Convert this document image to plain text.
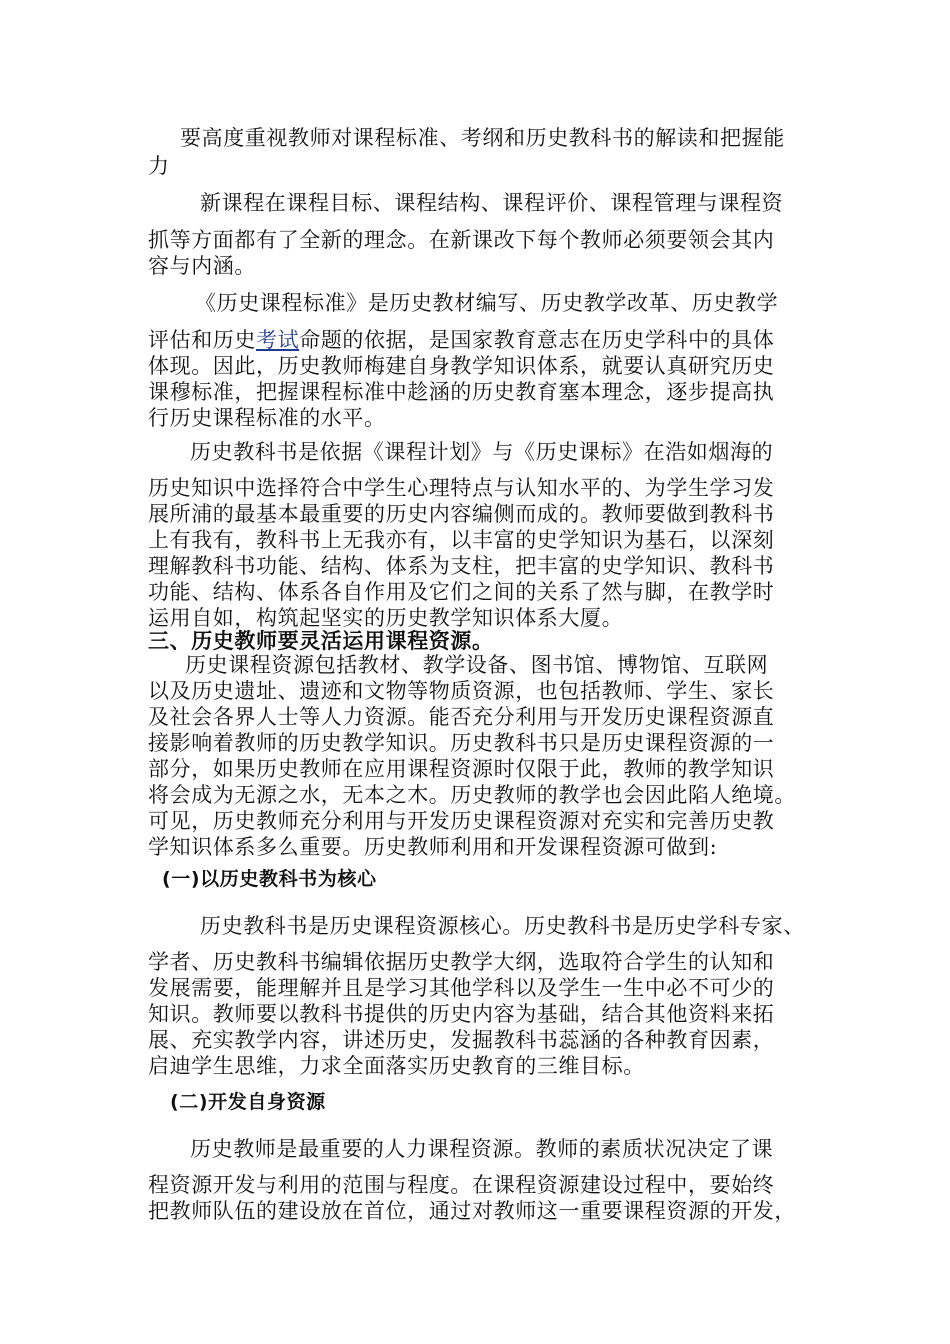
要高度重视教师对课程标准、考纲和历史教科书的解读和把握能
力
新课程在课程目标、课程结构、课程评价、课程管理与课程资
抓等方面都有了全新的理念。在新课改下每个教师必须要领会其内
容与内涵。
《历史课程标准》是历史教材编写、历史教学改革、历史教学
评估和历史考试命题的依据，是国家教育意志在历史学科中的具体
体现。因此，历史教师梅建自身教学知识体系，就要认真研究历史
课穆标准，把握课程标准中趁涵的历史教育塞本理念，逐步提高执
行历史课程标准的水平。
历史教科书是依据《课程计划》与《历史课标》在浩如烟海的
历史知识中选择符合中学生心理特点与认知水平的、为学生学习发
展所浦的最基本最重要的历史内容编侧而成的。教师要做到教科书
上有我有，教科书上无我亦有，以丰富的史学知识为基石，以深刻
理解教科书功能、结构、体系为支柱，把丰富的史学知识、教科书
功能、结构、体系各自作用及它们之间的关系了然与脚，在教学时
运用自如，构筑起坚实的历史教学知识体系大厦。
三、历史教师要灵活运用课程资源。
历史课程资源包括教材、教学设备、图书馆、博物馆、互联网
以及历史遗址、遗迹和文物等物质资源，也包括教师、学生、家长
及社会各界人士等人力资源。能否充分利用与开发历史课程资源直
接影响着教师的历史教学知识。历史教科书只是历史课程资源的一
部分，如果历史教师在应用课程资源时仅限于此，教师的教学知识
将会成为无源之水，无本之木。历史教师的教学也会因此陷人绝境。
可见，历史教师充分利用与开发历史课程资源对充实和完善历史教
学知识体系多么重要。历史教师利用和开发课程资源可做到:
(一)以历史教科书为核心
历史教科书是历史课程资源核心。历史教科书是历史学科专家、
学者、历史教科书编辑依据历史教学大纲，选取符合学生的认知和
发展需要，能理解并且是学习其他学科以及学生一生中必不可少的
知识。教师要以教科书提供的历史内容为基础，结合其他资料来拓
展、充实教学内容，讲述历史，发掘教科书蕊涵的各种教育因素，
启迪学生思维，力求全面落实历史教育的三维目标。
(二)开发自身资源
历史教师是最重要的人力课程资源。教师的素质状况决定了课
程资源开发与利用的范围与程度。在课程资源建设过程中，要始终
把教师队伍的建设放在首位，通过对教师这一重要课程资源的开发，
